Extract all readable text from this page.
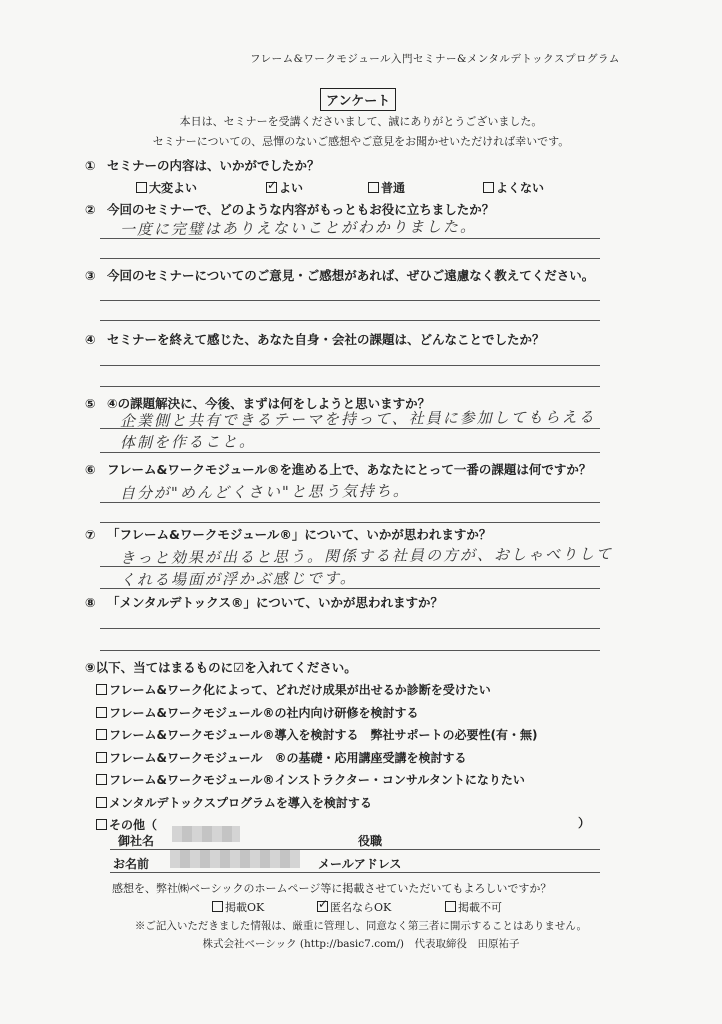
フレーム&ワークモジュール入門セミナー&メンタルデトックスプログラム
アンケート
本日は、セミナーを受講くださいまして、誠にありがとうございました。
セミナーについての、忌憚のないご感想やご意見をお聞かせいただければ幸いです。
① セミナーの内容は、いかがでしたか？
大変よい ✓	よい	普通	よくない
② 今回のセミナーで、どのような内容がもっともお役に立ちましたか？
一度に完璧はありえないことがわかりました。
③ 今回のセミナーについてのご意見・ご感想があれば、ぜひご遠慮なく教えてください。
④ セミナーを終えて感じた、あなた自身・会社の課題は、どんなことでしたか？
⑤ ④の課題解決に、今後、まずは何をしようと思いますか？
企業側と共有できるテーマを持って、社員に参加してもらえる
体制を作ること。
⑥ フレーム&ワークモジュール®を進める上で、あなたにとって一番の課題は何ですか？
自分が"めんどくさい"と思う気持ち。
⑦ 「フレーム&ワークモジュール®」について、いかが思われますか？
きっと効果が出ると思う。関係する社員の方が、おしゃべりして
くれる場面が浮かぶ感じです。
⑧ 「メンタルデトックス®」について、いかが思われますか？
⑨以下、当てはまるものに☑を入れてください。
フレーム&ワーク化によって、どれだけ成果が出せるか診断を受けたい
フレーム&ワークモジュール®の社内向け研修を検討する
フレーム&ワークモジュール®導入を検討する　弊社サポートの必要性(有・無)
フレーム&ワークモジュール　®の基礎・応用講座受講を検討する
フレーム&ワークモジュール®インストラクター・コンサルタントになりたい
メンタルデトックスプログラムを導入を検討する
その他（	）
御社名	役職
お名前	メールアドレス
感想を、弊社㈱ベーシックのホームページ等に掲載させていただいてもよろしいですか？
掲載OK ✓	匿名ならOK	掲載不可
※ご記入いただきました情報は、厳重に管理し、同意なく第三者に開示することはありません。
株式会社ベーシック (http://basic7.com/)　代表取締役　田原祐子
